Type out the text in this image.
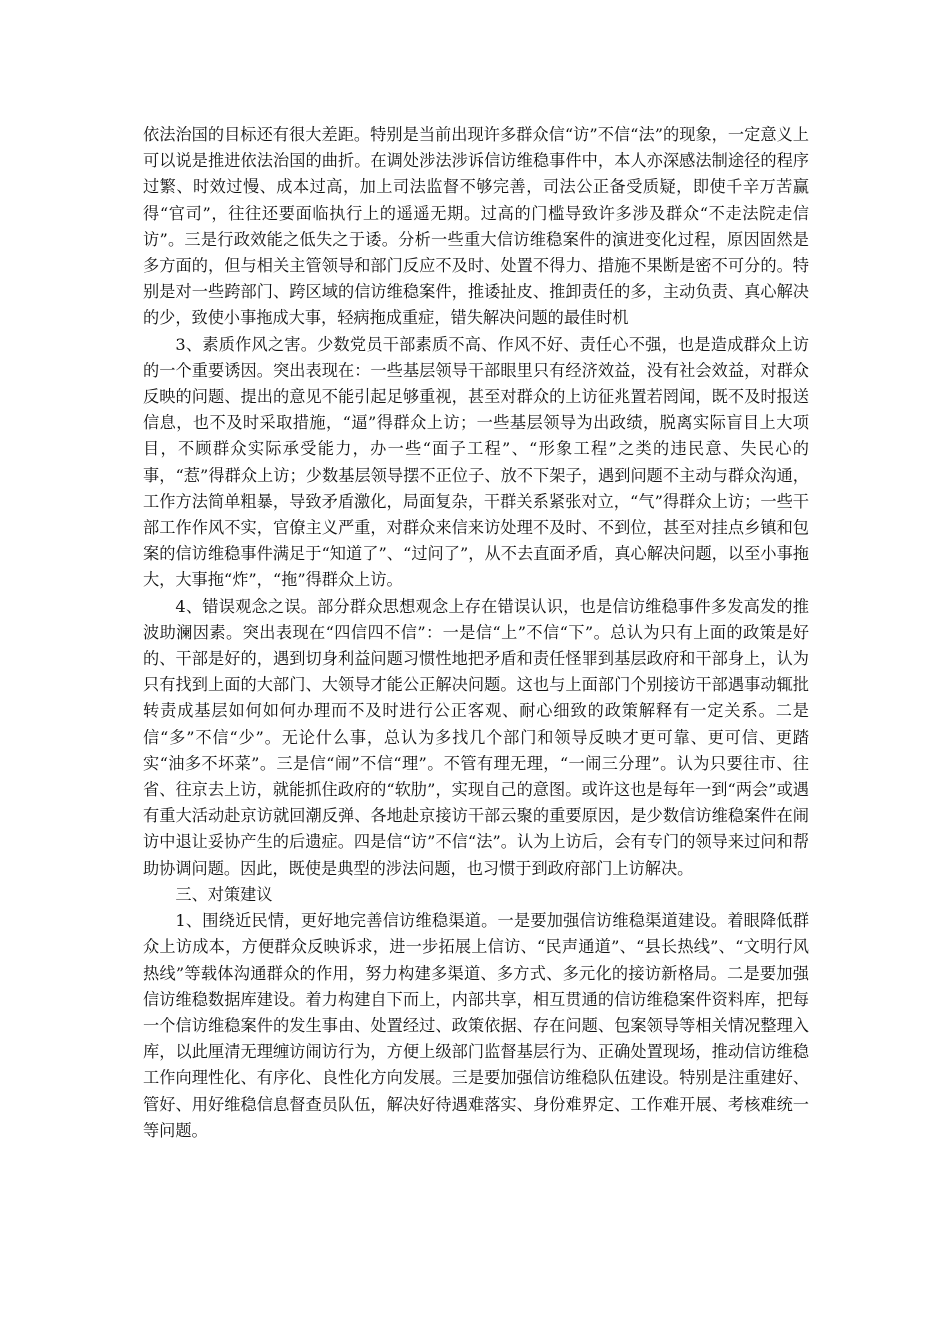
依法治国的目标还有很大差距。特别是当前出现许多群众信“访”不信“法”的现象，一定意义上可以说是推进依法治国的曲折。在调处涉法涉诉信访维稳事件中，本人亦深感法制途径的程序过繁、时效过慢、成本过高，加上司法监督不够完善，司法公正备受质疑，即使千辛万苦赢得“官司”，往往还要面临执行上的遥遥无期。过高的门槛导致许多涉及群众“不走法院走信访”。三是行政效能之低失之于诿。分析一些重大信访维稳案件的演进变化过程，原因固然是多方面的，但与相关主管领导和部门反应不及时、处置不得力、措施不果断是密不可分的。特别是对一些跨部门、跨区域的信访维稳案件，推诿扯皮、推卸责任的多，主动负责、真心解决的少，致使小事拖成大事，轻病拖成重症，错失解决问题的最佳时机

3、素质作风之害。少数党员干部素质不高、作风不好、责任心不强，也是造成群众上访的一个重要诱因。突出表现在：一些基层领导干部眼里只有经济效益，没有社会效益，对群众反映的问题、提出的意见不能引起足够重视，甚至对群众的上访征兆置若罔闻，既不及时报送信息，也不及时采取措施，“逼”得群众上访；一些基层领导为出政绩，脱离实际盲目上大项目，不顾群众实际承受能力，办一些“面子工程”、“形象工程”之类的违民意、失民心的事，“惹”得群众上访；少数基层领导摆不正位子、放不下架子，遇到问题不主动与群众沟通，工作方法简单粗暴，导致矛盾激化，局面复杂，干群关系紧张对立，“气”得群众上访；一些干部工作作风不实，官僚主义严重，对群众来信来访处理不及时、不到位，甚至对挂点乡镇和包案的信访维稳事件满足于“知道了”、“过问了”，从不去直面矛盾，真心解决问题，以至小事拖大，大事拖“炸”，“拖”得群众上访。

4、错误观念之误。部分群众思想观念上存在错误认识，也是信访维稳事件多发高发的推波助澜因素。突出表现在“四信四不信”：一是信“上”不信“下”。总认为只有上面的政策是好的、干部是好的，遇到切身利益问题习惯性地把矛盾和责任怪罪到基层政府和干部身上，认为只有找到上面的大部门、大领导才能公正解决问题。这也与上面部门个别接访干部遇事动辄批转责成基层如何如何办理而不及时进行公正客观、耐心细致的政策解释有一定关系。二是信“多”不信“少”。无论什么事，总认为多找几个部门和领导反映才更可靠、更可信、更踏实“油多不坏菜”。三是信“闹”不信“理”。不管有理无理，“一闹三分理”。认为只要往市、往省、往京去上访，就能抓住政府的“软肋”，实现自己的意图。或许这也是每年一到“两会”或遇有重大活动赴京访就回潮反弹、各地赴京接访干部云聚的重要原因，是少数信访维稳案件在闹访中退让妥协产生的后遗症。四是信“访”不信“法”。认为上访后，会有专门的领导来过问和帮助协调问题。因此，既使是典型的涉法问题，也习惯于到政府部门上访解决。

三、对策建议

1、围绕近民情，更好地完善信访维稳渠道。一是要加强信访维稳渠道建设。着眼降低群众上访成本，方便群众反映诉求，进一步拓展上信访、“民声通道”、“县长热线”、“文明行风热线”等载体沟通群众的作用，努力构建多渠道、多方式、多元化的接访新格局。二是要加强信访维稳数据库建设。着力构建自下而上，内部共享，相互贯通的信访维稳案件资料库，把每一个信访维稳案件的发生事由、处置经过、政策依据、存在问题、包案领导等相关情况整理入库，以此厘清无理缠访闹访行为，方便上级部门监督基层行为、正确处置现场，推动信访维稳工作向理性化、有序化、良性化方向发展。三是要加强信访维稳队伍建设。特别是注重建好、管好、用好维稳信息督查员队伍，解决好待遇难落实、身份难界定、工作难开展、考核难统一等问题。
